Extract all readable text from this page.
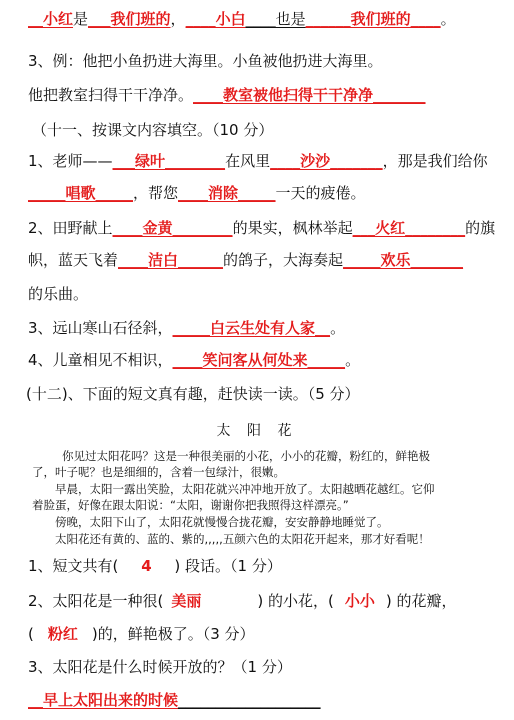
__小红是___我们班的，____小白____也是______我们班的____。
3、例：他把小鱼扔进大海里。小鱼被他扔进大海里。
他把教室扫得干干净净。____教室被他扫得干干净净_______
（十一、按课文内容填空。（10 分）
1、老师——___绿叶________在风里____沙沙_______，那是我们给你
_____唱歌_____，帮您____消除_____一天的疲倦。
2、田野献上____金黄________的果实，枫林举起___火红________的旗
帜，蓝天飞着____洁白______的鸽子，大海奏起_____欢乐_______
的乐曲。
3、远山寒山石径斜，_____白云生处有人家__。
4、儿童相见不相识，____笑问客从何处来_____。
(十二)、下面的短文真有趣，赶快读一读。（5 分）
太 阳 花
你见过太阳花吗？这是一种很美丽的小花，小小的花瓣，粉红的，鲜艳极
了，叶子呢？也是细细的，含着一包绿汁，很嫩。
早晨，太阳一露出笑脸，太阳花就兴冲冲地开放了。太阳越晒花越红。它仰
着脸蛋，好像在跟太阳说：“太阳，谢谢你把我照得这样漂亮。”
傍晚，太阳下山了，太阳花就慢慢合拢花瓣，安安静静地睡觉了。
太阳花还有黄的、蓝的、紫的,,,,,五颜六色的太阳花开起来，那才好看呢！
1、短文共有( 4 ) 段话。（1 分）
2、太阳花是一种很( 美丽	) 的小花，( 小小 ) 的花瓣，
( 粉红 )的，鲜艳极了。（3 分）
3、太阳花是什么时候开放的？（1 分）
__早上太阳出来的时候___________________
